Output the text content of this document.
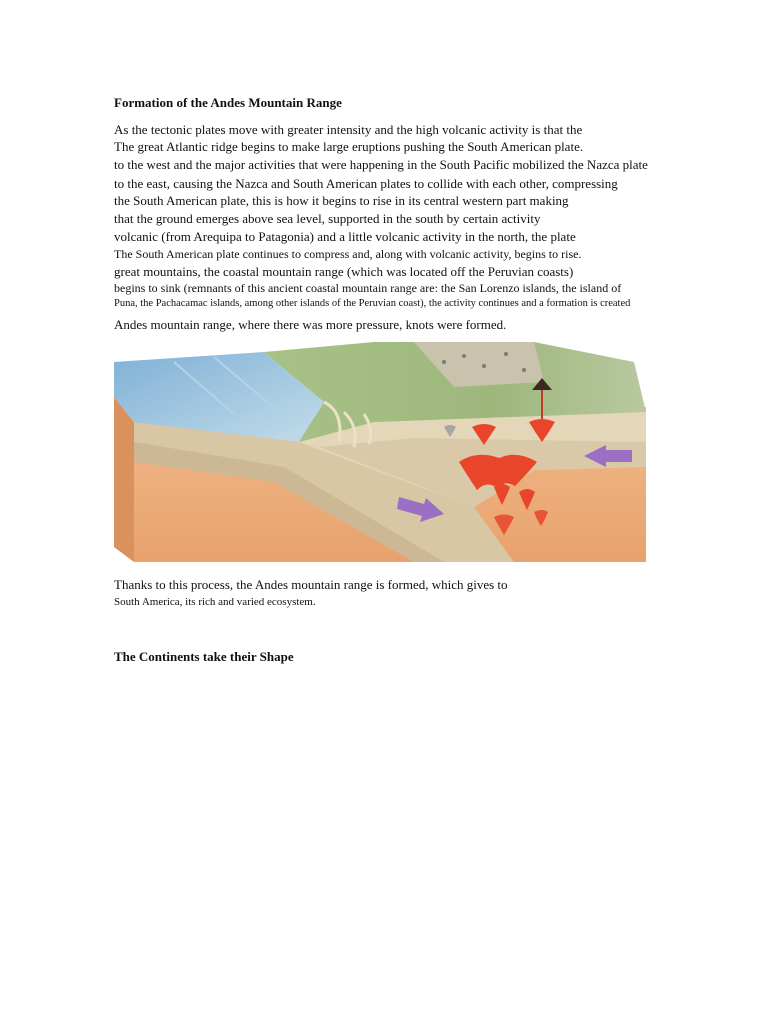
Formation of the Andes Mountain Range
As the tectonic plates move with greater intensity and the high volcanic activity is that the
The great Atlantic ridge begins to make large eruptions pushing the South American plate.
to the west and the major activities that were happening in the South Pacific mobilized the Nazca plate
to the east, causing the Nazca and South American plates to collide with each other, compressing
the South American plate, this is how it begins to rise in its central western part making
that the ground emerges above sea level, supported in the south by certain activity
volcanic (from Arequipa to Patagonia) and a little volcanic activity in the north, the plate
The South American plate continues to compress and, along with volcanic activity, begins to rise.
great mountains, the coastal mountain range (which was located off the Peruvian coasts)
begins to sink (remnants of this ancient coastal mountain range are: the San Lorenzo islands, the island of
Puna, the Pachacamac islands, among other islands of the Peruvian coast), the activity continues and a formation is created
Andes mountain range, where there was more pressure, knots were formed.
Thanks to this process, the Andes mountain range is formed, which gives to
South America, its rich and varied ecosystem.
The Continents take their Shape
